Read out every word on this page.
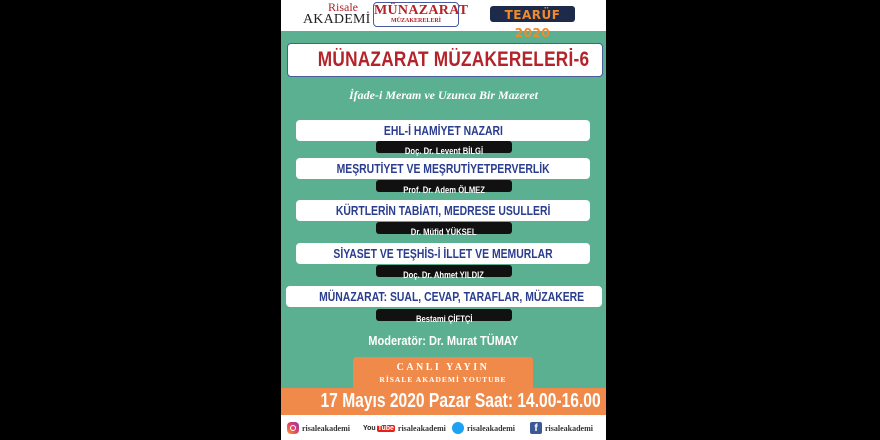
Risale
AKADEMİ
MÜNAZARAT
MÜZAKERELERİ	TEARÜF 2020
MÜNAZARAT MÜZAKERELERİ-6
İfade-i Meram ve Uzunca Bir Mazeret
EHL-İ HAMİYET NAZARI
Doç. Dr. Levent BİLGİ
MEŞRUTİYET VE MEŞRUTİYETPERVERLİK
Prof. Dr. Adem ÖLMEZ
KÜRTLERİN TABİATI, MEDRESE USULLERİ
Dr. Müfid YÜKSEL
SİYASET VE TEŞHİS-İ İLLET VE MEMURLAR
Doç. Dr. Ahmet YILDIZ
MÜNAZARAT: SUAL, CEVAP, TARAFLAR, MÜZAKERE
Bestami ÇİFTÇİ
Moderatör: Dr. Murat TÜMAY
CANLI YAYIN
RİSALE AKADEMİ YOUTUBE
17 Mayıs 2020 Pazar Saat: 14.00-16.00
risaleakademi You Tube risaleakademi	risaleakademi	f risaleakademi
